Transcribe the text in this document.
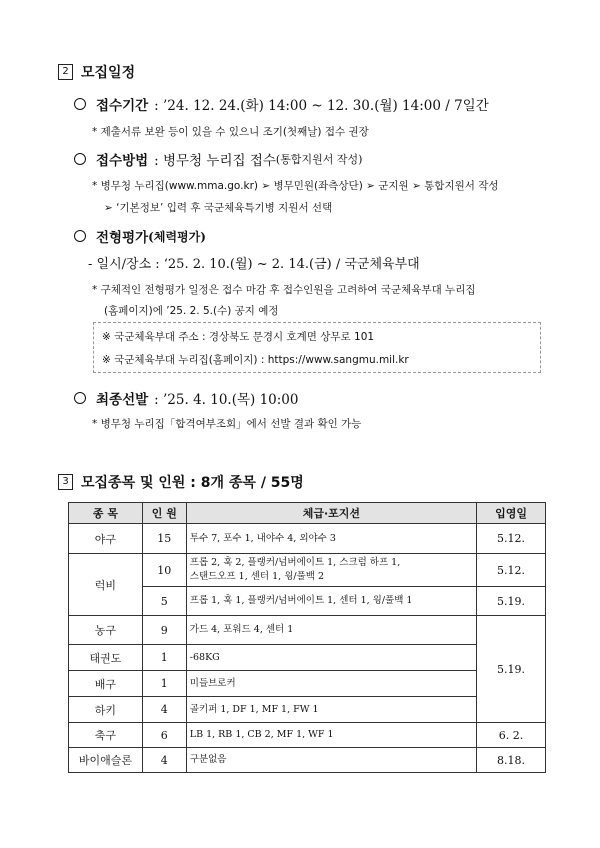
2 모집일정
접수기간 : ’24. 12. 24.(화) 14:00 ~ 12. 30.(월) 14:00 / 7일간
* 제출서류 보완 등이 있을 수 있으니 조기(첫째날) 접수 권장
접수방법 : 병무청 누리집 접수 (통합지원서 작성)
* 병무청 누리집(www.mma.go.kr) ➢ 병무민원(좌측상단) ➢ 군지원 ➢ 통합지원서 작성
➢ ‘기본정보’ 입력 후 국군체육특기병 지원서 선택
전형평가 (체력평가)
- 일시/장소 : ‘25. 2. 10.(월) ~ 2. 14.(금) / 국군체육부대
* 구체적인 전형평가 일정은 접수 마감 후 접수인원을 고려하여 국군체육부대 누리집
(홈페이지)에 ’25. 2. 5.(수) 공지 예정
※ 국군체육부대 주소 : 경상북도 문경시 호계면 상무로 101
※ 국군체육부대 누리집(홈페이지) : https://www.sangmu.mil.kr
최종선발 : ’25. 4. 10.(목) 10:00
* 병무청 누리집「합격여부조회」에서 선발 결과 확인 가능
3 모집종목 및 인원 : 8개 종목 / 55명
종 목	인 원	체급·포지션	입영일
야구	15	투수 7, 포수 1, 내야수 4, 외야수 3	5.12.
럭비	10	프롭 2, 훅 2, 플랭커/넘버에이트 1, 스크럼 하프 1,
스탠드오프 1, 센터 1, 윙/풀백 2	5.12.
	5	프롭 1, 훅 1, 플랭커/넘버에이트 1, 센터 1, 윙/풀백 1	5.19.
농구	9	가드 4, 포워드 4, 센터 1	5.19.
태권도	1	-68KG	
배구	1	미들브로커	
하키	4	골키퍼 1, DF 1, MF 1, FW 1	
축구	6	LB 1, RB 1, CB 2, MF 1, WF 1	6. 2.
바이애슬론	4	구분없음	8.18.
